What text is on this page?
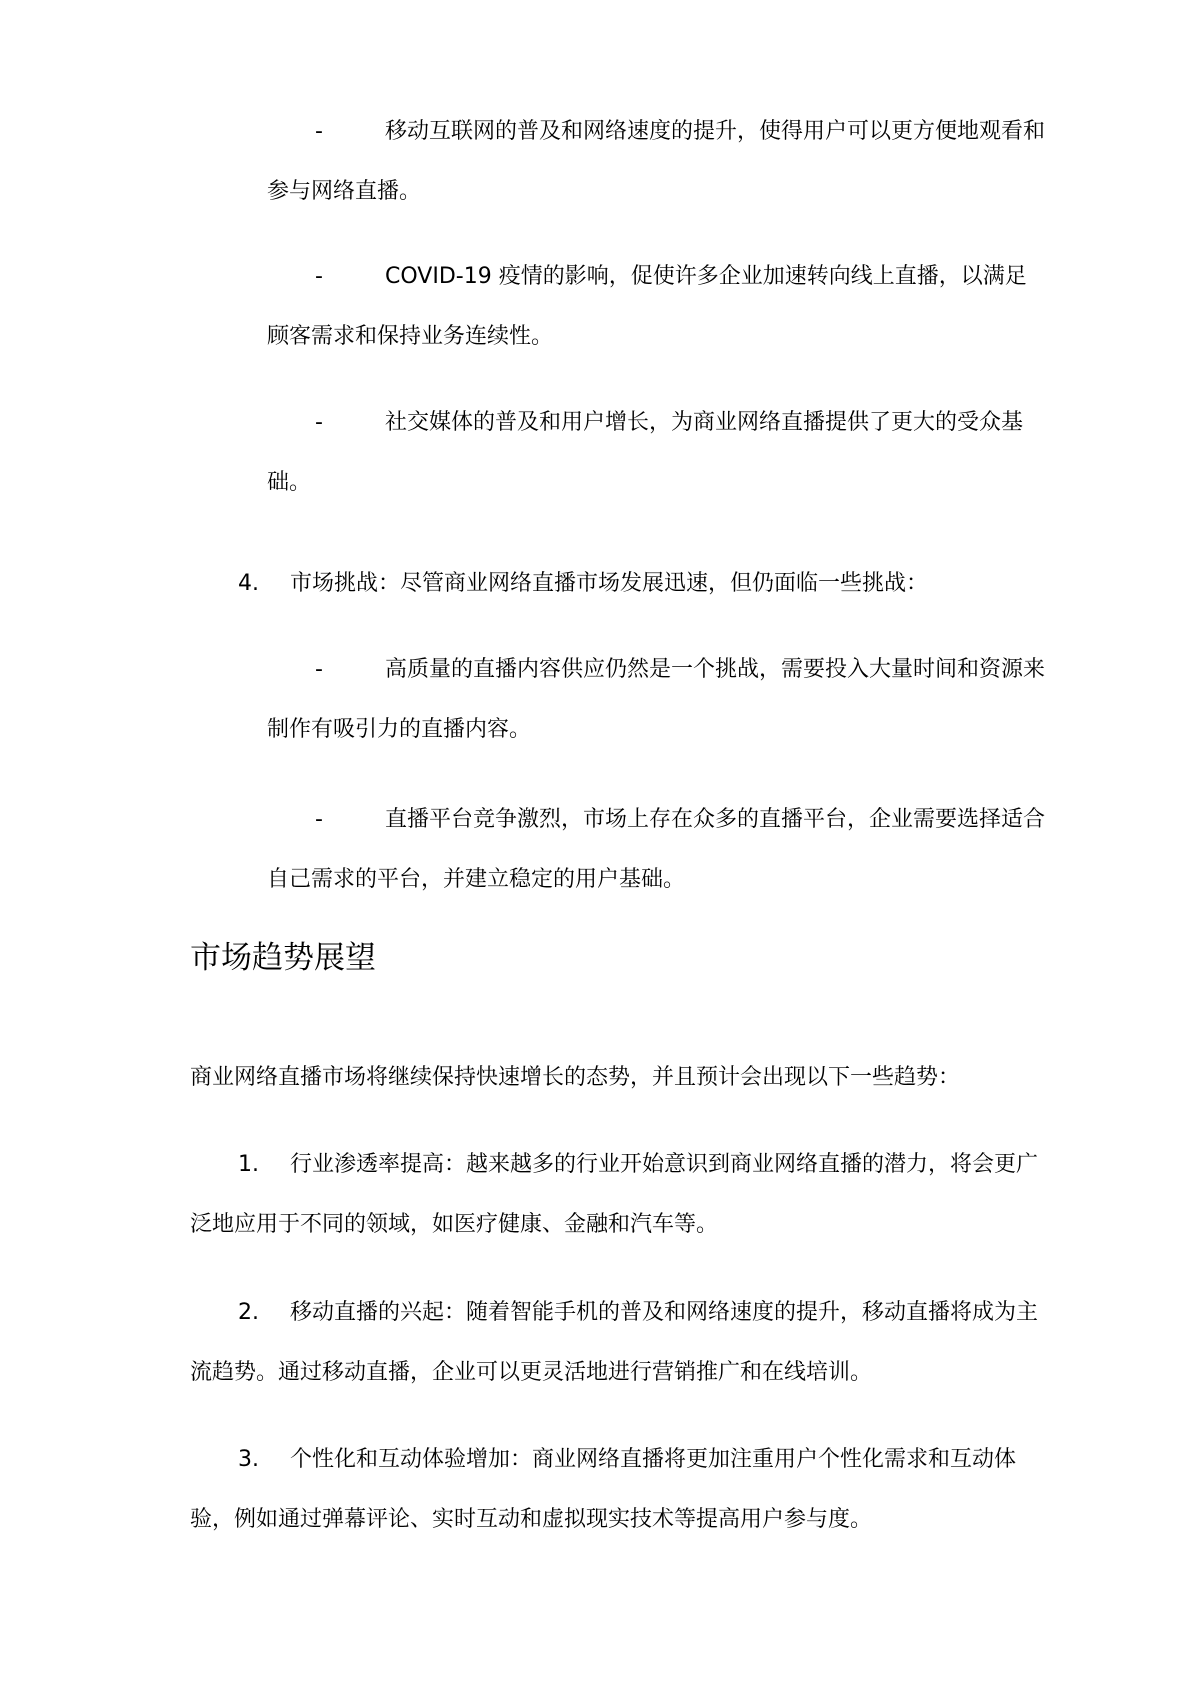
-	移动互联网的普及和网络速度的提升，使得用户可以更方便地观看和参与网络直播。

-	COVID-19 疫情的影响，促使许多企业加速转向线上直播，以满足顾客需求和保持业务连续性。

-	社交媒体的普及和用户增长，为商业网络直播提供了更大的受众基础。

4. 市场挑战：尽管商业网络直播市场发展迅速，但仍面临一些挑战：

-	高质量的直播内容供应仍然是一个挑战，需要投入大量时间和资源来制作有吸引力的直播内容。

-	直播平台竞争激烈，市场上存在众多的直播平台，企业需要选择适合自己需求的平台，并建立稳定的用户基础。

市场趋势展望

商业网络直播市场将继续保持快速增长的态势，并且预计会出现以下一些趋势：

1. 行业渗透率提高：越来越多的行业开始意识到商业网络直播的潜力，将会更广泛地应用于不同的领域，如医疗健康、金融和汽车等。

2. 移动直播的兴起：随着智能手机的普及和网络速度的提升，移动直播将成为主流趋势。通过移动直播，企业可以更灵活地进行营销推广和在线培训。

3. 个性化和互动体验增加：商业网络直播将更加注重用户个性化需求和互动体验，例如通过弹幕评论、实时互动和虚拟现实技术等提高用户参与度。
